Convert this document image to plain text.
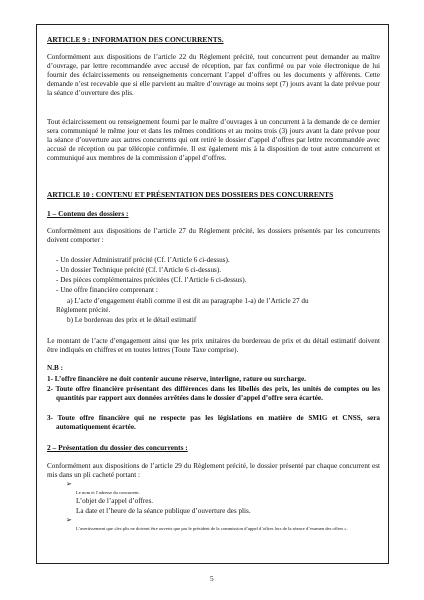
ARTICLE 9 : INFORMATION DES CONCURRENTS.
Conformément aux dispositions de l’article 22 du Règlement précité, tout concurrent peut demander au maître d’ouvrage, par lettre recommandée avec accusé de réception, par fax confirmé ou par voie électronique de lui fournir des éclaircissements ou renseignements concernant l’appel d’offres ou les documents y afférents. Cette demande n’est recevable que si elle parvient au maître d’ouvrage au moins sept (7) jours avant la date prévue pour la séance d’ouverture des plis.
Tout éclaircissement ou renseignement fourni par le maître d’ouvrages à un concurrent à la demande de ce dernier sera communiqué le même jour et dans les mêmes conditions et au moins trois (3) jours avant la date prévue pour la séance d’ouverture aux autres concurrents qui ont retiré le dossier d’appel d’offres par lettre recommandée avec accusé de réception ou par télécopie confirmée. Il est également mis à la disposition de tout autre concurrent et communiqué aux membres de la commission d’appel d’offres.
ARTICLE 10 : CONTENU ET PRÉSENTATION DES DOSSIERS DES CONCURRENTS
1 – Contenu des dossiers :
Conformément aux dispositions de l’article 27 du Règlement précité, les dossiers présentés par les concurrents doivent comporter :
- Un dossier Administratif précité (Cf. l’Article 6 ci-dessus).
- Un dossier Technique précité (Cf. l’Article 6 ci-dessus).
- Des pièces complémentaires précitées (Cf. l’Article 6 ci-dessus).
- Une offre financière comprenant :
a) L’acte d’engagement établi comme il est dit au paragraphe 1-a) de l’Article 27 du
Règlement précité.
b) Le bordereau des prix et le détail estimatif
Le montant de l’acte d’engagement ainsi que les prix unitaires du bordereau de prix et du détail estimatif doivent être indiqués en chiffres et en toutes lettres (Toute Taxe comprise).
N.B :
1- L’offre financière ne doit contenir aucune réserve, interligne, rature ou surcharge.
2- Toute offre financière présentant des différences dans les libellés des prix, les unités de comptes ou les quantités par rapport aux données arrêtées dans le dossier d’appel d’offre sera écartée.
3- Toute offre financière qui ne respecte pas les législations en matière de SMIG et CNSS, sera automatiquement écartée.
2 – Présentation du dossier des concurrents :
Conformément aux dispositions de l’article 29 du Règlement précité, le dossier présenté par chaque concurrent est mis dans un pli cacheté portant :
➢
Le nom et l’adresse du concurrent.
L’objet de l’appel d’offres.
La date et l’heure de la séance publique d’ouverture des plis.
➢
L’avertissement que «les plis ne doivent être ouverts que par le président de la commission d’appel d’offres lors de la séance d’examen des offres ».
5
